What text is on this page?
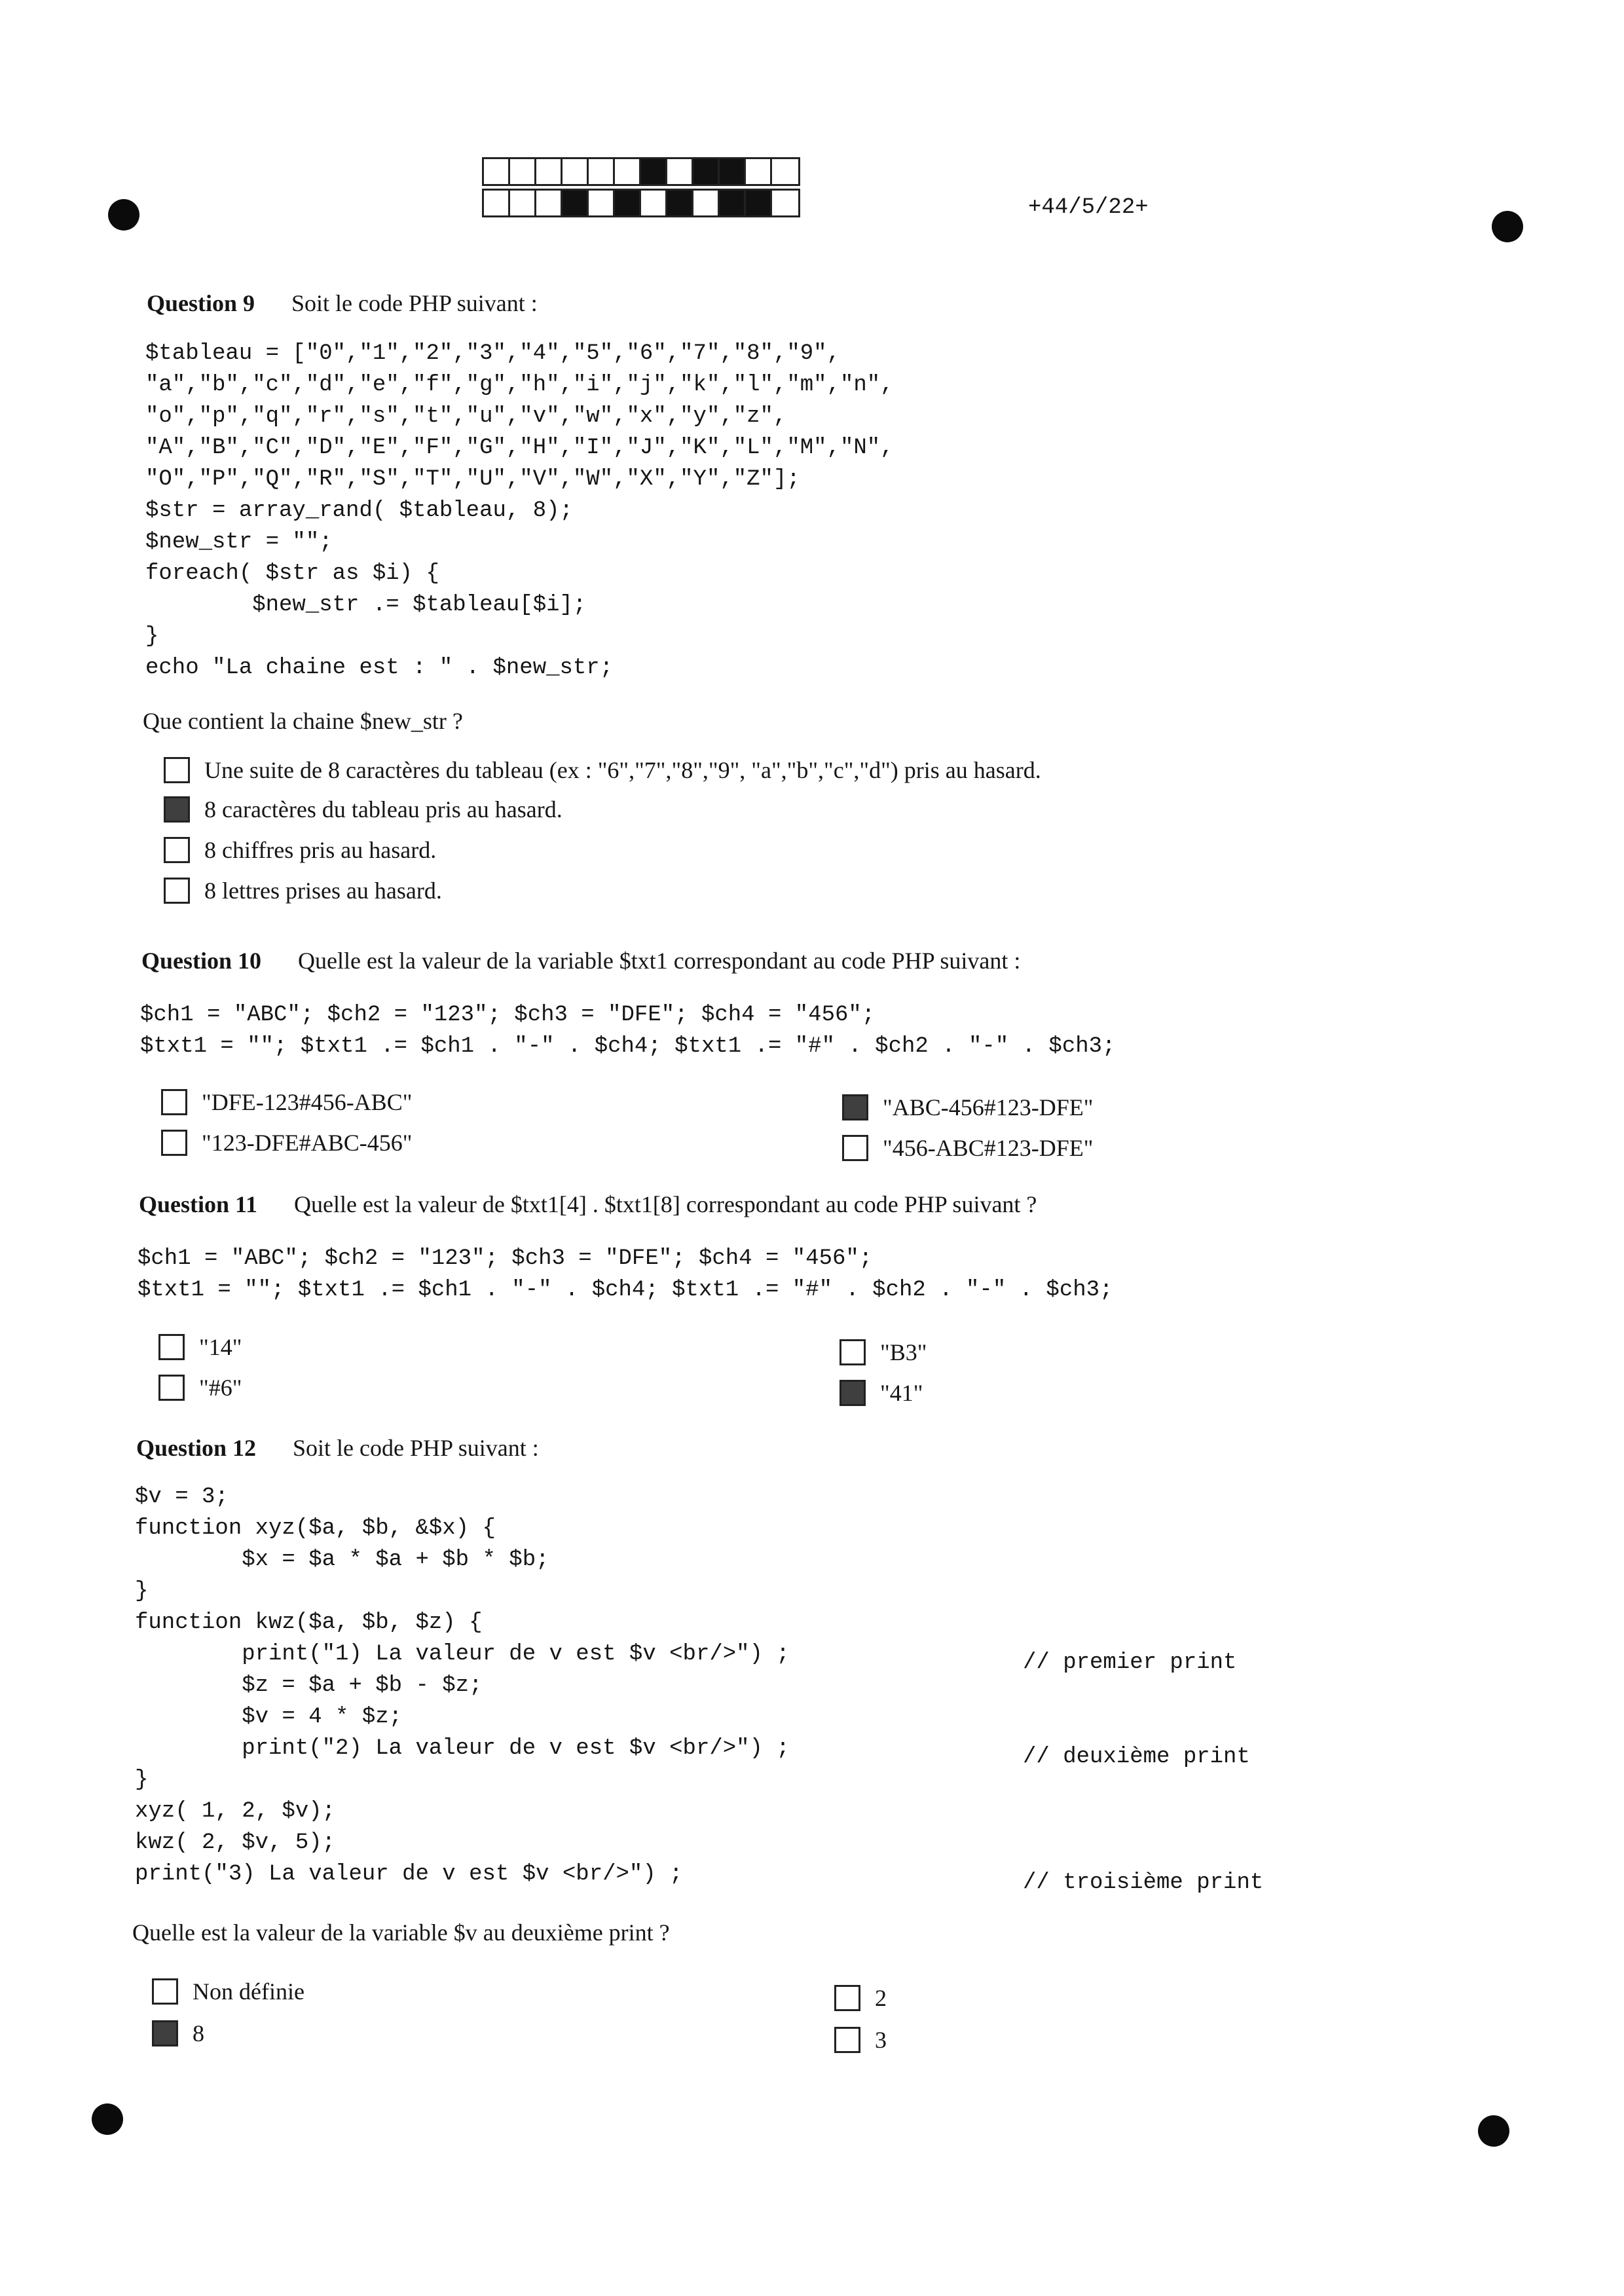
+44/5/22+
Question 9 Soit le code PHP suivant :
$tableau = ["0","1","2","3","4","5","6","7","8","9",
"a","b","c","d","e","f","g","h","i","j","k","l","m","n",
"o","p","q","r","s","t","u","v","w","x","y","z",
"A","B","C","D","E","F","G","H","I","J","K","L","M","N",
"O","P","Q","R","S","T","U","V","W","X","Y","Z"];
$str = array_rand( $tableau, 8);
$new_str = "";
foreach( $str as $i) {
$new_str .= $tableau[$i];
}
echo "La chaine est : " . $new_str;
Que contient la chaine $new_str ?
Une suite de 8 caractères du tableau (ex : "6","7","8","9", "a","b","c","d") pris au hasard.
8 caractères du tableau pris au hasard.
8 chiffres pris au hasard.
8 lettres prises au hasard.
Question 10 Quelle est la valeur de la variable $txt1 correspondant au code PHP suivant :
$ch1 = "ABC"; $ch2 = "123"; $ch3 = "DFE"; $ch4 = "456";
$txt1 = ""; $txt1 .= $ch1 . "-" . $ch4; $txt1 .= "#" . $ch2 . "-" . $ch3;
"DFE-123#456-ABC"
"123-DFE#ABC-456"
"ABC-456#123-DFE"
"456-ABC#123-DFE"
Question 11 Quelle est la valeur de $txt1[4] . $txt1[8] correspondant au code PHP suivant ?
$ch1 = "ABC"; $ch2 = "123"; $ch3 = "DFE"; $ch4 = "456";
$txt1 = ""; $txt1 .= $ch1 . "-" . $ch4; $txt1 .= "#" . $ch2 . "-" . $ch3;
"14"
"#6"
"B3"
"41"
Question 12 Soit le code PHP suivant :
$v = 3;
function xyz($a, $b, &$x) {
$x = $a * $a + $b * $b;
}
function kwz($a, $b, $z) {
print("1) La valeur de v est $v <br/>") ;
$z = $a + $b - $z;
$v = 4 * $z;
print("2) La valeur de v est $v <br/>") ;
}
xyz( 1, 2, $v);
kwz( 2, $v, 5);
print("3) La valeur de v est $v <br/>") ;
// premier print
// deuxième print
// troisième print
Quelle est la valeur de la variable $v au deuxième print ?
Non définie
8
2
3
